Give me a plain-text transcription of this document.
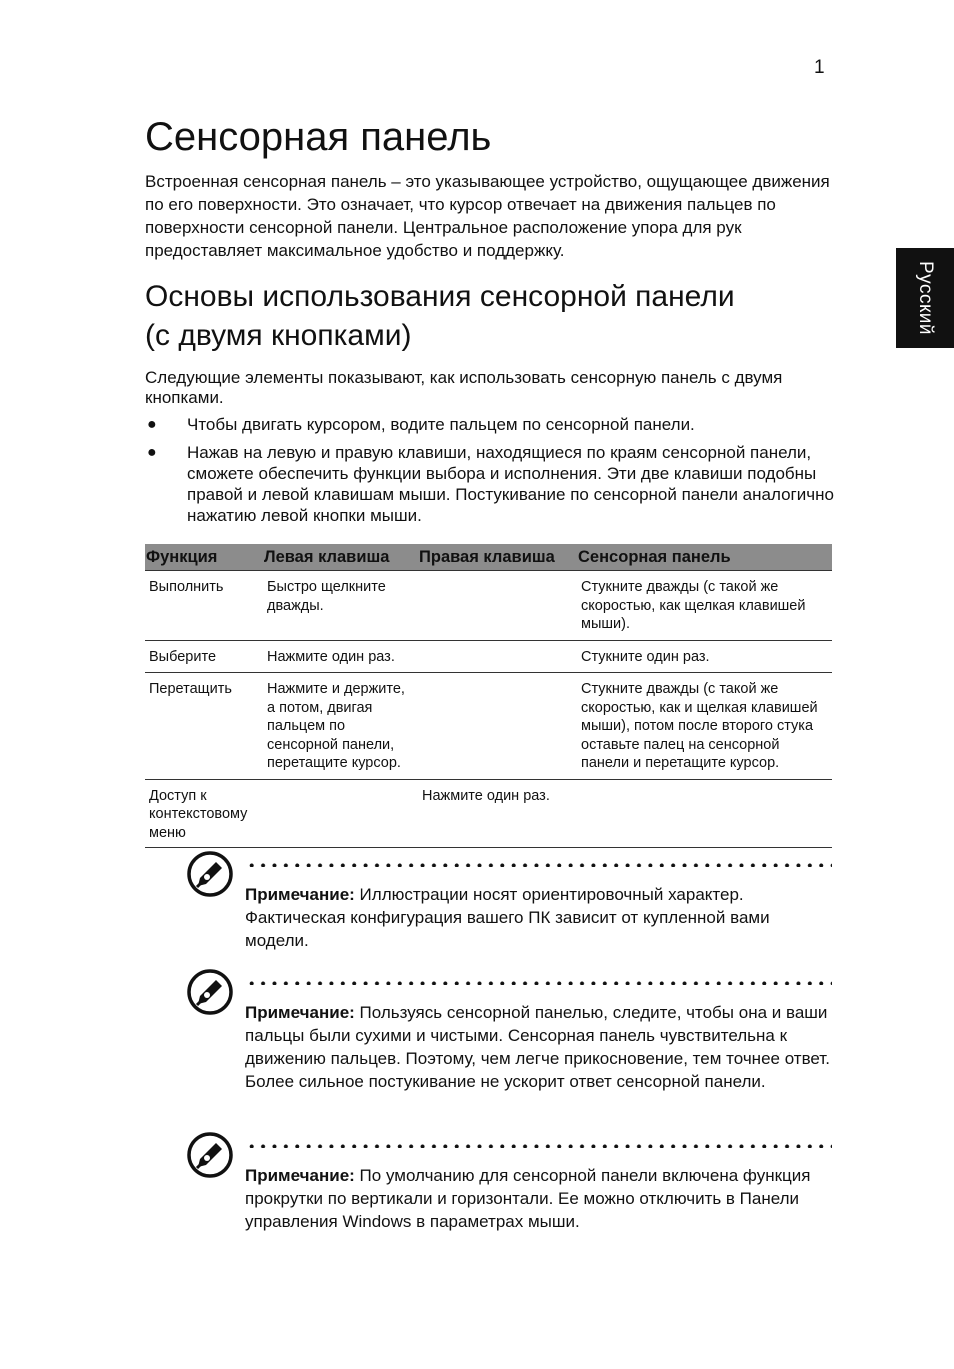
1
Русский
Сенсорная панель

Встроенная сенсорная панель – это указывающее устройство, ощущающее движения по его поверхности. Это означает, что курсор отвечает на движения пальцев по поверхности сенсорной панели. Центральное расположение упора для рук предоставляет максимальное удобство и поддержку.

Основы использования сенсорной панели
(с двумя кнопками)

Следующие элементы показывают, как использовать сенсорную панель с двумя кнопками.

● Чтобы двигать курсором, водите пальцем по сенсорной панели.
● Нажав на левую и правую клавиши, находящиеся по краям сенсорной панели, сможете обеспечить функции выбора и исполнения. Эти две клавиши подобны правой и левой клавишам мыши. Постукивание по сенсорной панели аналогично нажатию левой кнопки мыши.
Функция	Левая клавиша	Правая клавиша	Сенсорная панель
Выполнить	Быстро щелкните дважды.		Стукните дважды (с такой же скоростью, как щелкая клавишей мыши).
Выберите	Нажмите один раз.		Стукните один раз.
Перетащить	Нажмите и держите, а потом, двигая пальцем по сенсорной панели, перетащите курсор.		Стукните дважды (с такой же скоростью, как и щелкая клавишей мыши), потом после второго стука оставьте палец на сенсорной панели и перетащите курсор.
Доступ к контекстовому меню		Нажмите один раз.	
Примечание: Иллюстрации носят ориентировочный характер. Фактическая конфигурация вашего ПК зависит от купленной вами модели.
Примечание: Пользуясь сенсорной панелью, следите, чтобы она и ваши пальцы были сухими и чистыми. Сенсорная панель чувствительна к движению пальцев. Поэтому, чем легче прикосновение, тем точнее ответ. Более сильное постукивание не ускорит ответ сенсорной панели.
Примечание: По умолчанию для сенсорной панели включена функция прокрутки по вертикали и горизонтали. Ее можно отключить в Панели управления Windows в параметрах мыши.
